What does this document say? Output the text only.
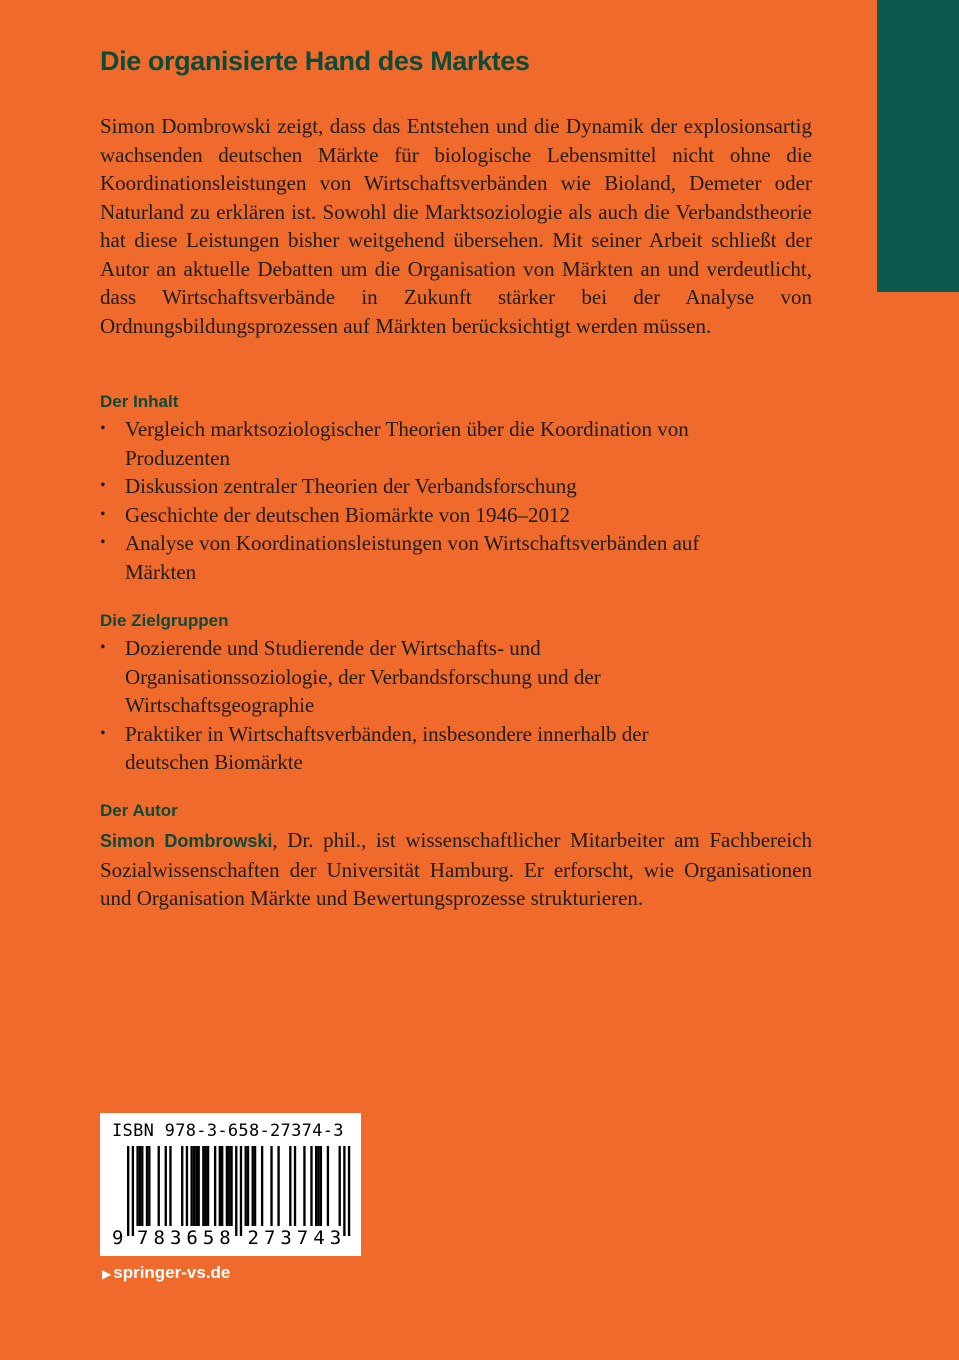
Die organisierte Hand des Marktes

Simon Dombrowski zeigt, dass das Entstehen und die Dynamik der explosionsartig wachsenden deutschen Märkte für biologische Lebensmittel nicht ohne die Koordinationsleistungen von Wirtschaftsverbänden wie Bioland, Demeter oder Naturland zu erklären ist. Sowohl die Marktsoziologie als auch die Verbandstheorie hat diese Leistungen bisher weitgehend übersehen. Mit seiner Arbeit schließt der Autor an aktuelle Debatten um die Organisation von Märkten an und verdeutlicht, dass Wirtschaftsverbände in Zukunft stärker bei der Analyse von Ordnungsbildungsprozessen auf Märkten berücksichtigt werden müssen.

Der Inhalt
• Vergleich marktsoziologischer Theorien über die Koordination von Produzenten
• Diskussion zentraler Theorien der Verbandsforschung
• Geschichte der deutschen Biomärkte von 1946–2012
• Analyse von Koordinationsleistungen von Wirtschaftsverbänden auf Märkten
Die Zielgruppen
• Dozierende und Studierende der Wirtschafts- und Organisationssoziologie, der Verbandsforschung und der Wirtschaftsgeographie
• Praktiker in Wirtschaftsverbänden, insbesondere innerhalb der deutschen Biomärkte
Der Autor

Simon Dombrowski, Dr. phil., ist wissenschaftlicher Mitarbeiter am Fachbereich Sozialwissenschaften der Universität Hamburg. Er erforscht, wie Organisationen und Organisation Märkte und Bewertungsprozesse strukturieren.

ISBN 978-3-658-27374-3
9 7 8 3 6 5 8 2 7 3 7 4 3
▶ springer-vs.de
